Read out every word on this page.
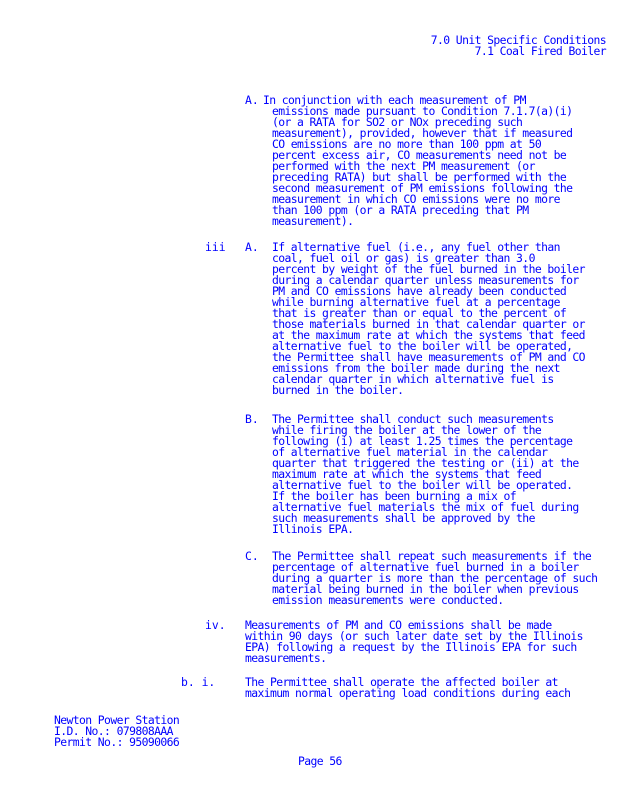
7.0 Unit Specific Conditions
7.1 Coal Fired Boiler
A. In conjunction with each measurement of PM
emissions made pursuant to Condition 7.1.7(a)(i)
(or a RATA for SO2 or NOx preceding such
measurement), provided, however that if measured
CO emissions are no more than 100 ppm at 50
percent excess air, CO measurements need not be
performed with the next PM measurement (or
preceding RATA) but shall be performed with the
second measurement of PM emissions following the
measurement in which CO emissions were no more
than 100 ppm (or a RATA preceding that PM
measurement).
iii A. If alternative fuel (i.e., any fuel other than
coal, fuel oil or gas) is greater than 3.0
percent by weight of the fuel burned in the boiler
during a calendar quarter unless measurements for
PM and CO emissions have already been conducted
while burning alternative fuel at a percentage
that is greater than or equal to the percent of
those materials burned in that calendar quarter or
at the maximum rate at which the systems that feed
alternative fuel to the boiler will be operated,
the Permittee shall have measurements of PM and CO
emissions from the boiler made during the next
calendar quarter in which alternative fuel is
burned in the boiler.
B. The Permittee shall conduct such measurements
while firing the boiler at the lower of the
following (i) at least 1.25 times the percentage
of alternative fuel material in the calendar
quarter that triggered the testing or (ii) at the
maximum rate at which the systems that feed
alternative fuel to the boiler will be operated.
If the boiler has been burning a mix of
alternative fuel materials the mix of fuel during
such measurements shall be approved by the
Illinois EPA.
C. The Permittee shall repeat such measurements if the
percentage of alternative fuel burned in a boiler
during a quarter is more than the percentage of such
material being burned in the boiler when previous
emission measurements were conducted.
iv. Measurements of PM and CO emissions shall be made
within 90 days (or such later date set by the Illinois
EPA) following a request by the Illinois EPA for such
measurements.
b. i.	The Permittee shall operate the affected boiler at
maximum normal operating load conditions during each
Newton Power Station
I.D. No.: 079808AAA
Permit No.: 95090066
Page 56
